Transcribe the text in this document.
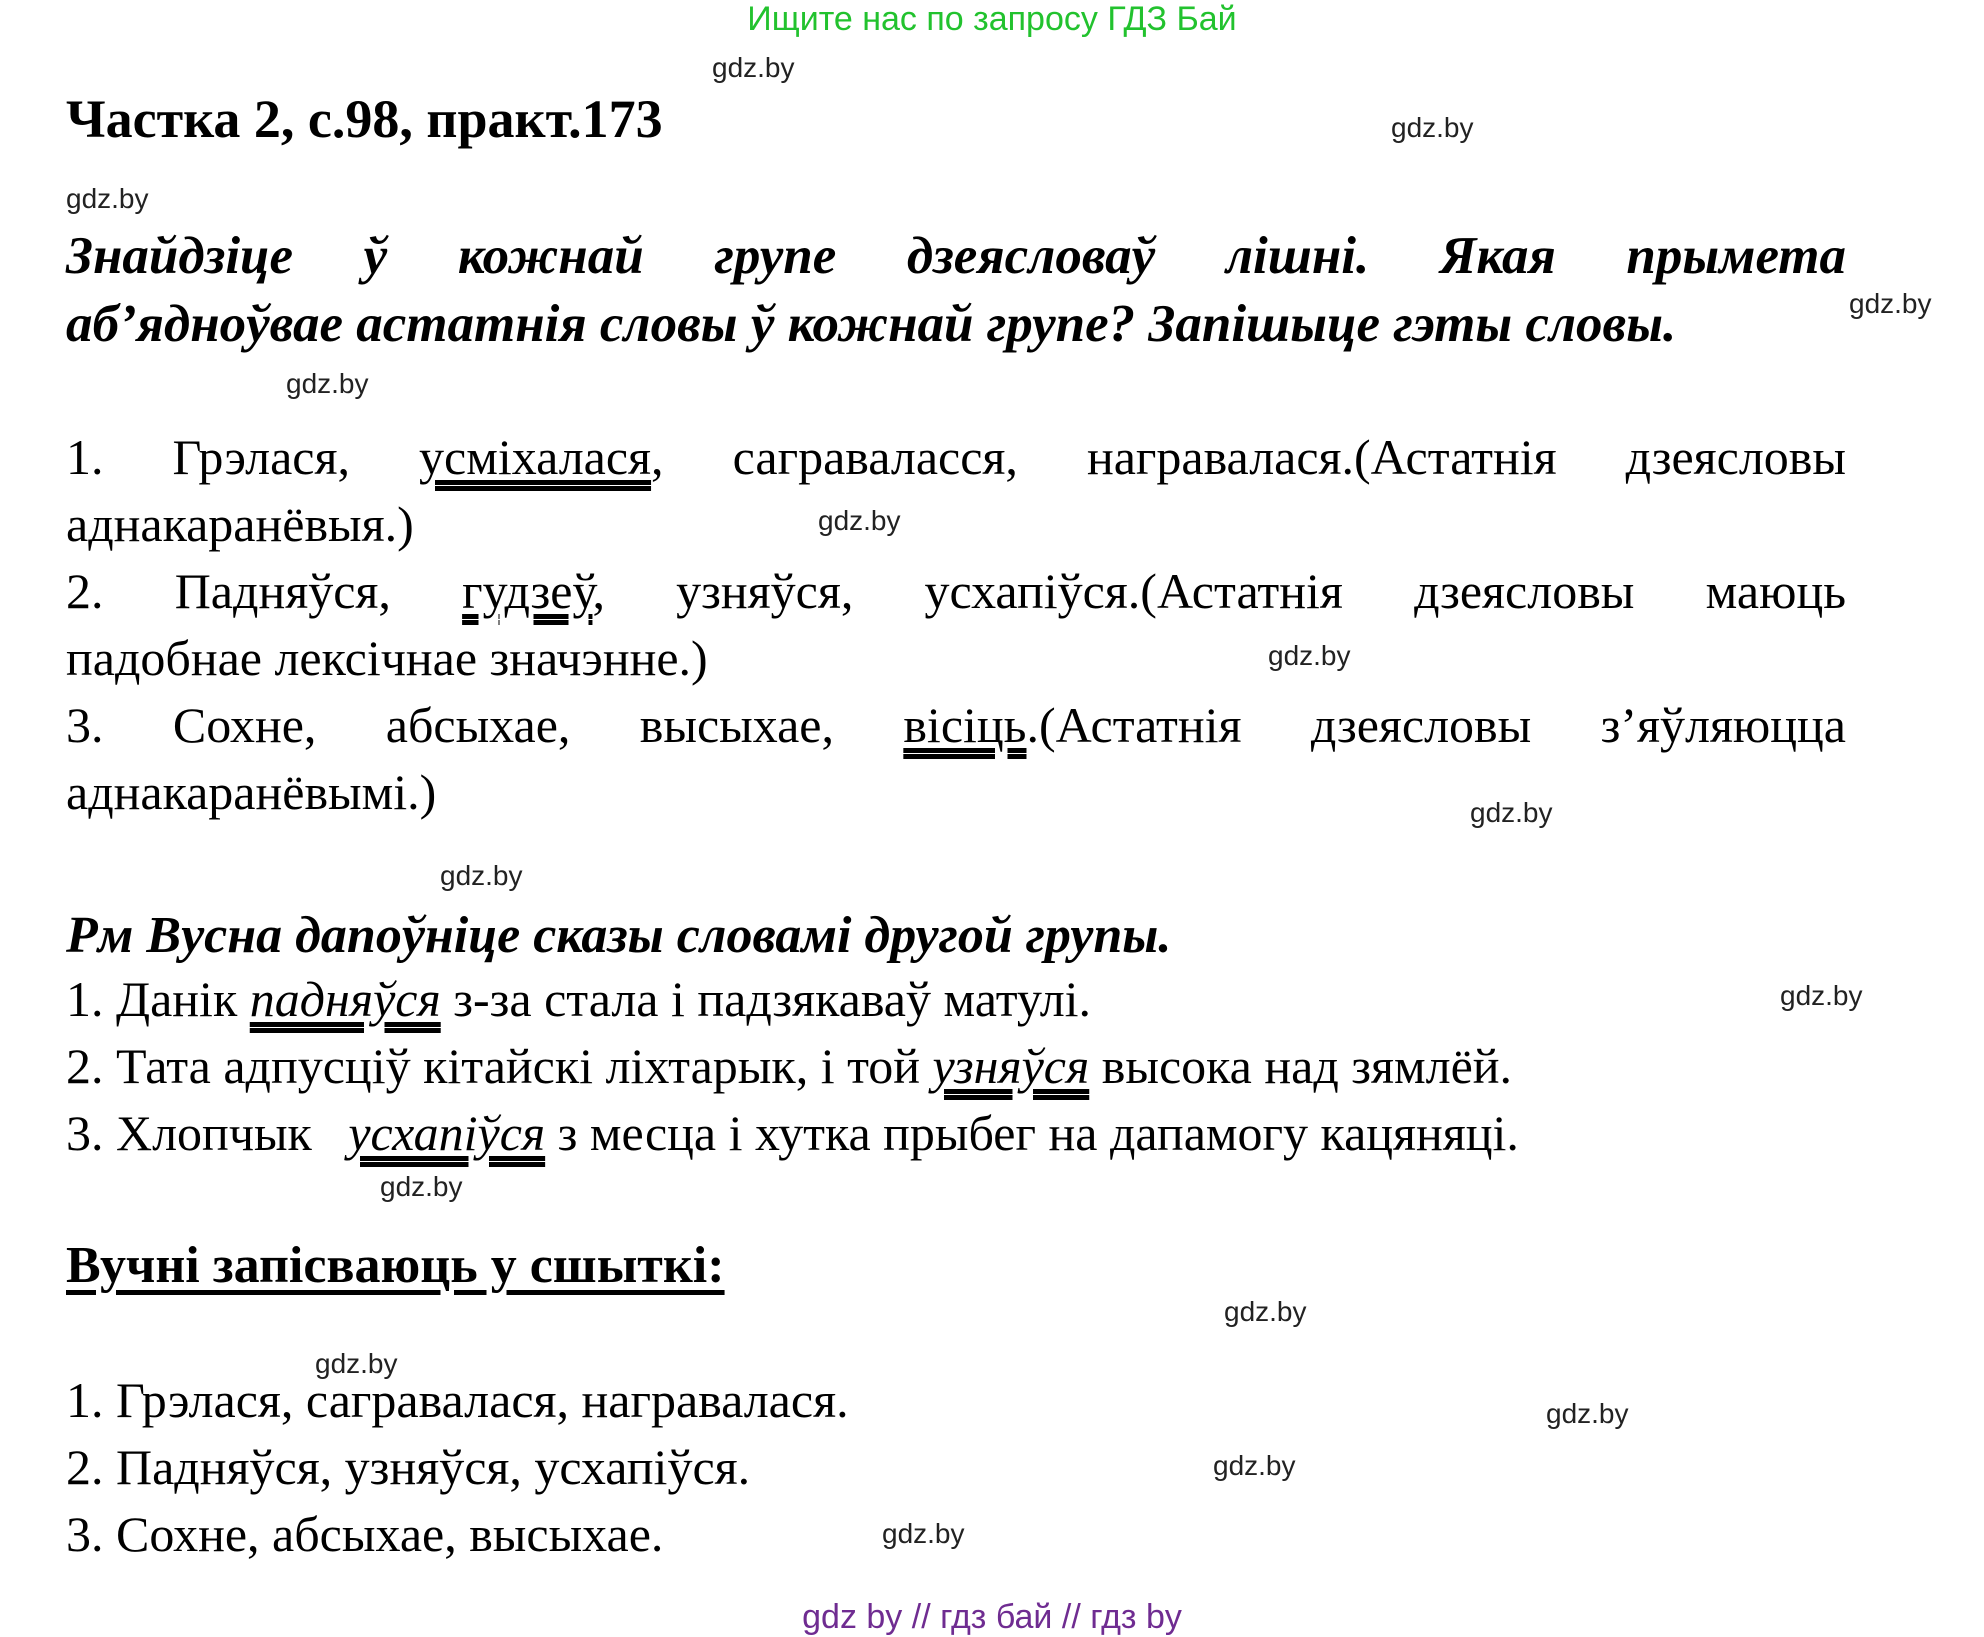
Ищите нас по запросу ГДЗ Бай
Частка 2, с.98, практ.173
Знайдзіце ў кожнай групе дзеясловаў лішні. Якая прымета
аб’ядноўвае астатнія словы ў кожнай групе? Запішыце гэты словы.
1. Грэлася, усміхалася, саграваласся, награвалася.(Астатнія дзеясловы
аднакаранёвыя.)
2. Падняўся, гудзеў, узняўся, усхапіўся.(Астатнія дзеясловы маюць
падобнае лексічнае значэнне.)
3. Сохне, абсыхае, высыхае, вісіць.(Астатнія дзеясловы з’яўляюцца
аднакаранёвымі.)
Рм Вусна дапоўніце сказы словамі другой групы.
1. Данік падняўся з-за стала і падзякаваў матулі.
2. Тата адпусціў кітайскі ліхтарык, і той узняўся высока над зямлёй.
3. Хлопчык усхапіўся з месца і хутка прыбег на дапамогу кацяняці.
Вучні запісваюць у сшыткі:
1. Грэлася, сагравалася, награвалася.
2. Падняўся, узняўся, усхапіўся.
3. Сохне, абсыхае, высыхае.
gdz.by
gdz.by
gdz.by
gdz.by
gdz.by
gdz.by
gdz.by
gdz.by
gdz.by
gdz.by
gdz.by
gdz.by
gdz.by
gdz.by
gdz.by
gdz.by
gdz by // гдз бай // гдз by
